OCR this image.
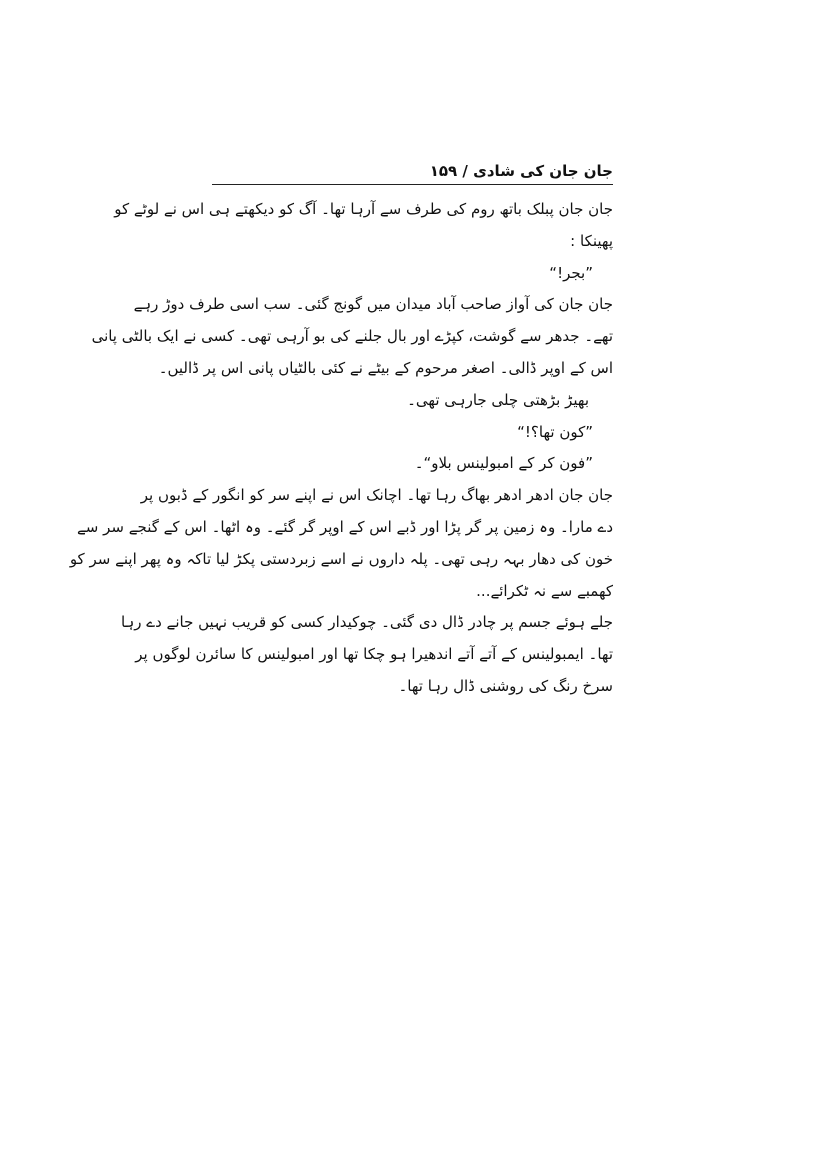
جان جان کی شادی / ۱۵۹
جان جان پبلک باتھ روم کی طرف سے آرہا تھا۔ آگ کو دیکھتے ہی اس نے لوٹے کو
پھینکا :
”بجر!“
جان جان کی آواز صاحب آباد میدان میں گونج گئی۔ سب اسی طرف دوڑ رہے
تھے۔ جدھر سے گوشت، کپڑے اور بال جلنے کی بو آرہی تھی۔ کسی نے ایک بالٹی پانی
اس کے اوپر ڈالی۔ اصغر مرحوم کے بیٹے نے کئی بالٹیاں پانی اس پر ڈالیں۔
بھیڑ بڑھتی چلی جارہی تھی۔
”کون تھا؟!“
”فون کر کے امبولینس بلاو“۔
جان جان ادھر ادھر بھاگ رہا تھا۔ اچانک اس نے اپنے سر کو انگور کے ڈبوں پر
دے مارا۔ وہ زمین پر گر پڑا اور ڈبے اس کے اوپر گر گئے۔ وہ اٹھا۔ اس کے گنجے سر سے
خون کی دھار بہہ رہی تھی۔ پلہ داروں نے اسے زبردستی پکڑ لیا تاکہ وہ پھر اپنے سر کو
کھمبے سے نہ ٹکرائے...
جلے ہوئے جسم پر چادر ڈال دی گئی۔ چوکیدار کسی کو قریب نہیں جانے دے رہا
تھا۔ ایمبولینس کے آتے آتے اندھیرا ہو چکا تھا اور امبولینس کا سائرن لوگوں پر
سرخ رنگ کی روشنی ڈال رہا تھا۔
